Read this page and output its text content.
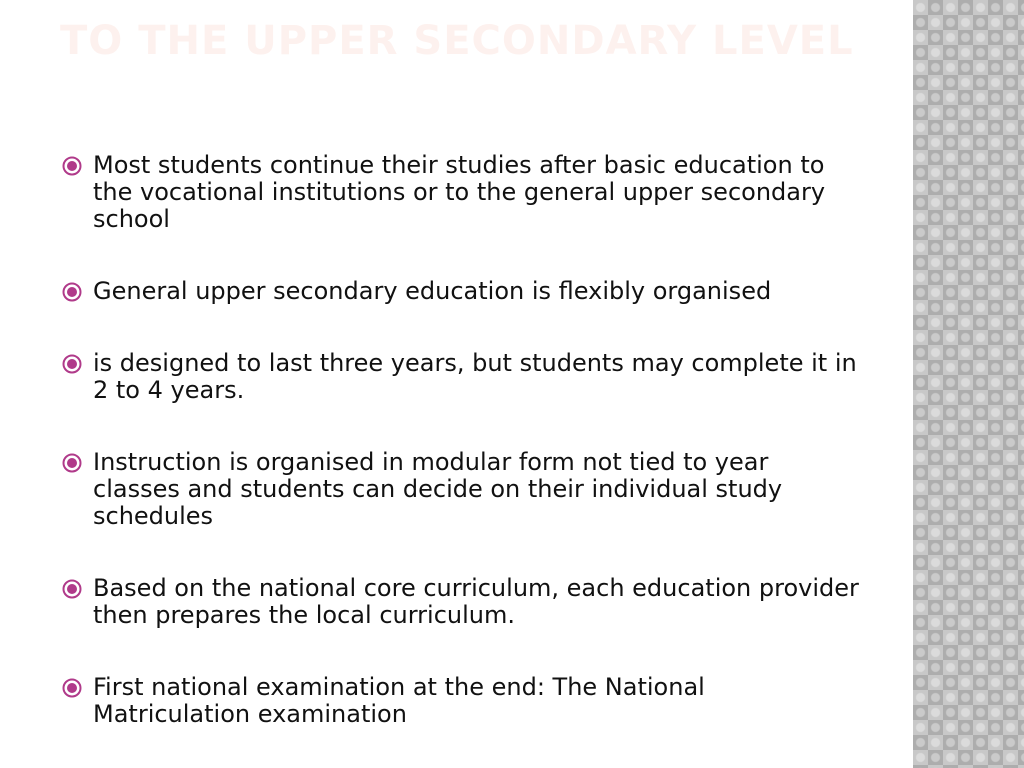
TO THE UPPER SECONDARY LEVEL
Most students continue their studies after basic education to the vocational institutions or to the general upper secondary school
General upper secondary education is flexibly organised
is designed to last three years, but students may complete it in 2 to 4 years.
Instruction is organised in modular form not tied to year classes and students can decide on their individual study schedules
Based on the national core curriculum, each education provider then prepares the local curriculum.
First national examination at the end: The National Matriculation examination
